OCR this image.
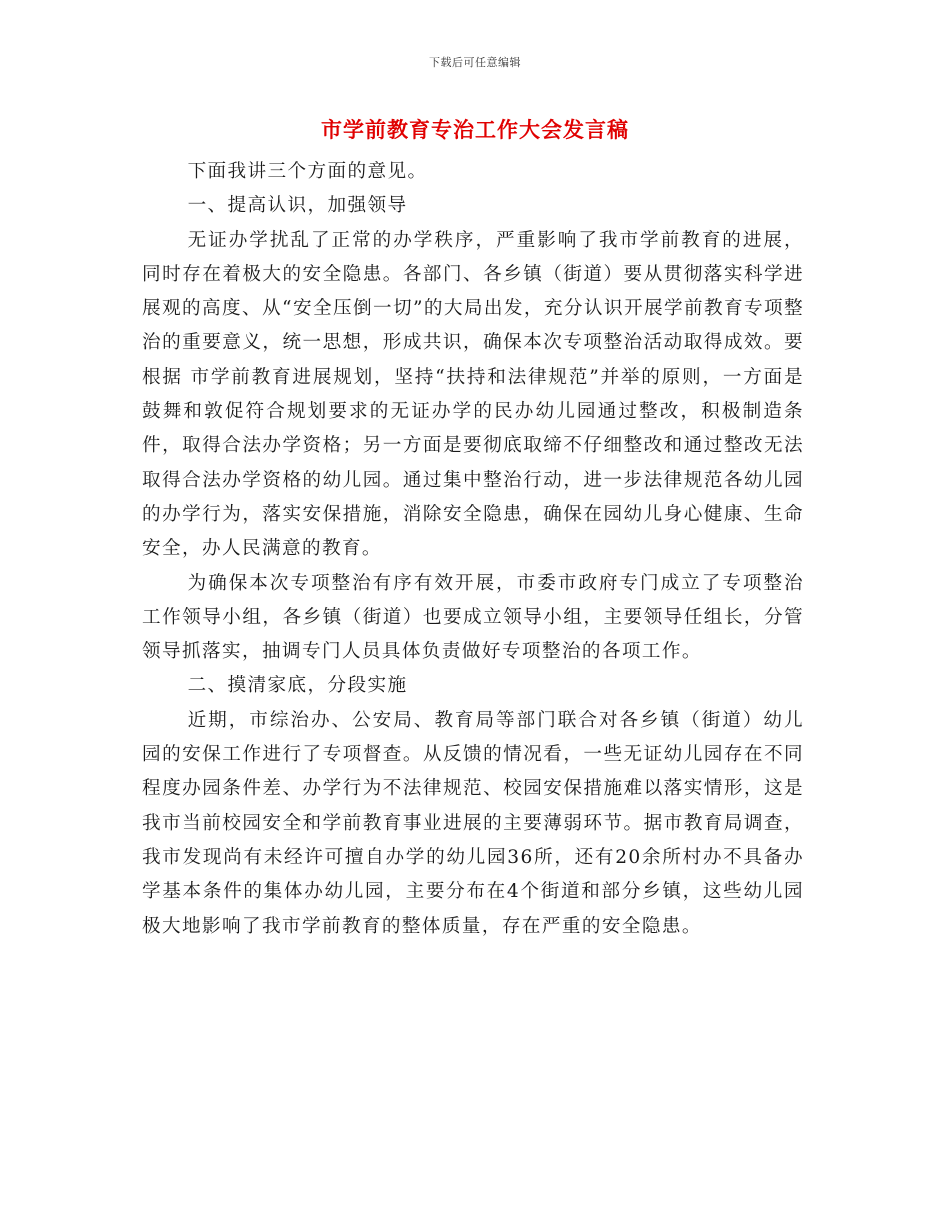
下载后可任意编辑
市学前教育专治工作大会发言稿

下面我讲三个方面的意见。

一、提高认识，加强领导

无证办学扰乱了正常的办学秩序，严重影响了我市学前教育的进展，同时存在着极大的安全隐患。各部门、各乡镇（街道）要从贯彻落实科学进展观的高度、从“安全压倒一切”的大局出发，充分认识开展学前教育专项整治的重要意义，统一思想，形成共识，确保本次专项整治活动取得成效。要根据 市学前教育进展规划，坚持“扶持和法律规范”并举的原则，一方面是鼓舞和敦促符合规划要求的无证办学的民办幼儿园通过整改，积极制造条件，取得合法办学资格；另一方面是要彻底取缔不仔细整改和通过整改无法取得合法办学资格的幼儿园。通过集中整治行动，进一步法律规范各幼儿园的办学行为，落实安保措施，消除安全隐患，确保在园幼儿身心健康、生命安全，办人民满意的教育。

为确保本次专项整治有序有效开展，市委市政府专门成立了专项整治工作领导小组，各乡镇（街道）也要成立领导小组，主要领导任组长，分管领导抓落实，抽调专门人员具体负责做好专项整治的各项工作。

二、摸清家底，分段实施

近期，市综治办、公安局、教育局等部门联合对各乡镇（街道）幼儿园的安保工作进行了专项督查。从反馈的情况看，一些无证幼儿园存在不同程度办园条件差、办学行为不法律规范、校园安保措施难以落实情形，这是我市当前校园安全和学前教育事业进展的主要薄弱环节。据市教育局调查，我市发现尚有未经许可擅自办学的幼儿园36所，还有20余所村办不具备办学基本条件的集体办幼儿园，主要分布在4个街道和部分乡镇，这些幼儿园极大地影响了我市学前教育的整体质量，存在严重的安全隐患。
